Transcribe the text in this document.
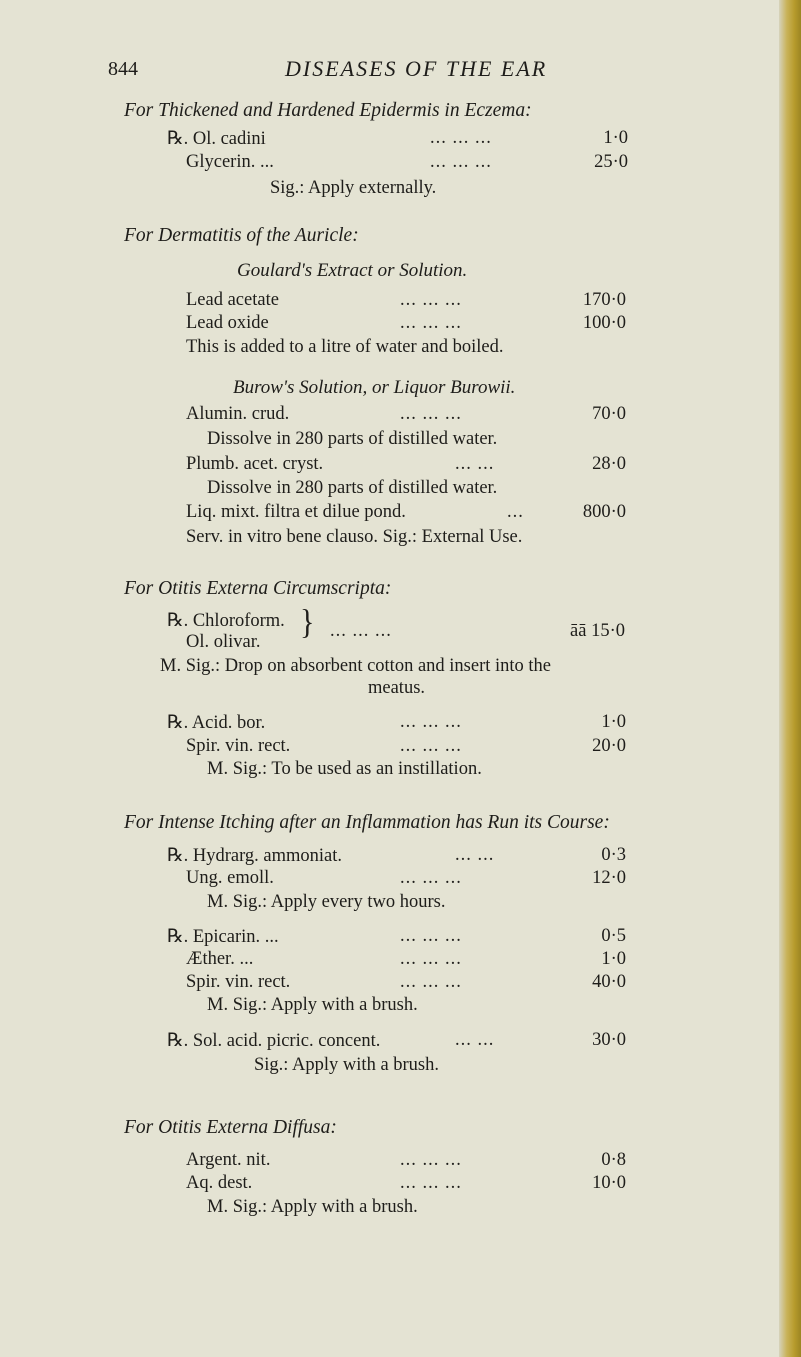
844	DISEASES OF THE EAR
For Thickened and Hardened Epidermis in Eczema:
℞. Ol. cadini	... ... ...	1·0
Glycerin. ...	... ... ...	25·0
Sig.: Apply externally.
For Dermatitis of the Auricle:
Goulard's Extract or Solution.
Lead acetate	... ... ...	170·0
Lead oxide	... ... ...	100·0
This is added to a litre of water and boiled.
Burow's Solution, or Liquor Burowii.
Alumin. crud.	... ... ...	70·0
Dissolve in 280 parts of distilled water.
Plumb. acet. cryst.	... ...	28·0
Dissolve in 280 parts of distilled water.
Liq. mixt. filtra et dilue pond.	...	800·0
Serv. in vitro bene clauso. Sig.: External Use.
For Otitis Externa Circumscripta:
℞. Chloroform.
Ol. olivar.
} ... ... ...	āā 15·0
M. Sig.: Drop on absorbent cotton and insert into the
meatus.
℞. Acid. bor.	... ... ...	1·0
Spir. vin. rect.	... ... ...	20·0
M. Sig.: To be used as an instillation.
For Intense Itching after an Inflammation has Run its Course:
℞. Hydrarg. ammoniat.	... ...	0·3
Ung. emoll.	... ... ...	12·0
M. Sig.: Apply every two hours.
℞. Epicarin. ...	... ... ...	0·5
Æther. ...	... ... ...	1·0
Spir. vin. rect.	... ... ...	40·0
M. Sig.: Apply with a brush.
℞. Sol. acid. picric. concent.	... ...	30·0
Sig.: Apply with a brush.
For Otitis Externa Diffusa:
Argent. nit.	... ... ...	0·8
Aq. dest.	... ... ...	10·0
M. Sig.: Apply with a brush.
